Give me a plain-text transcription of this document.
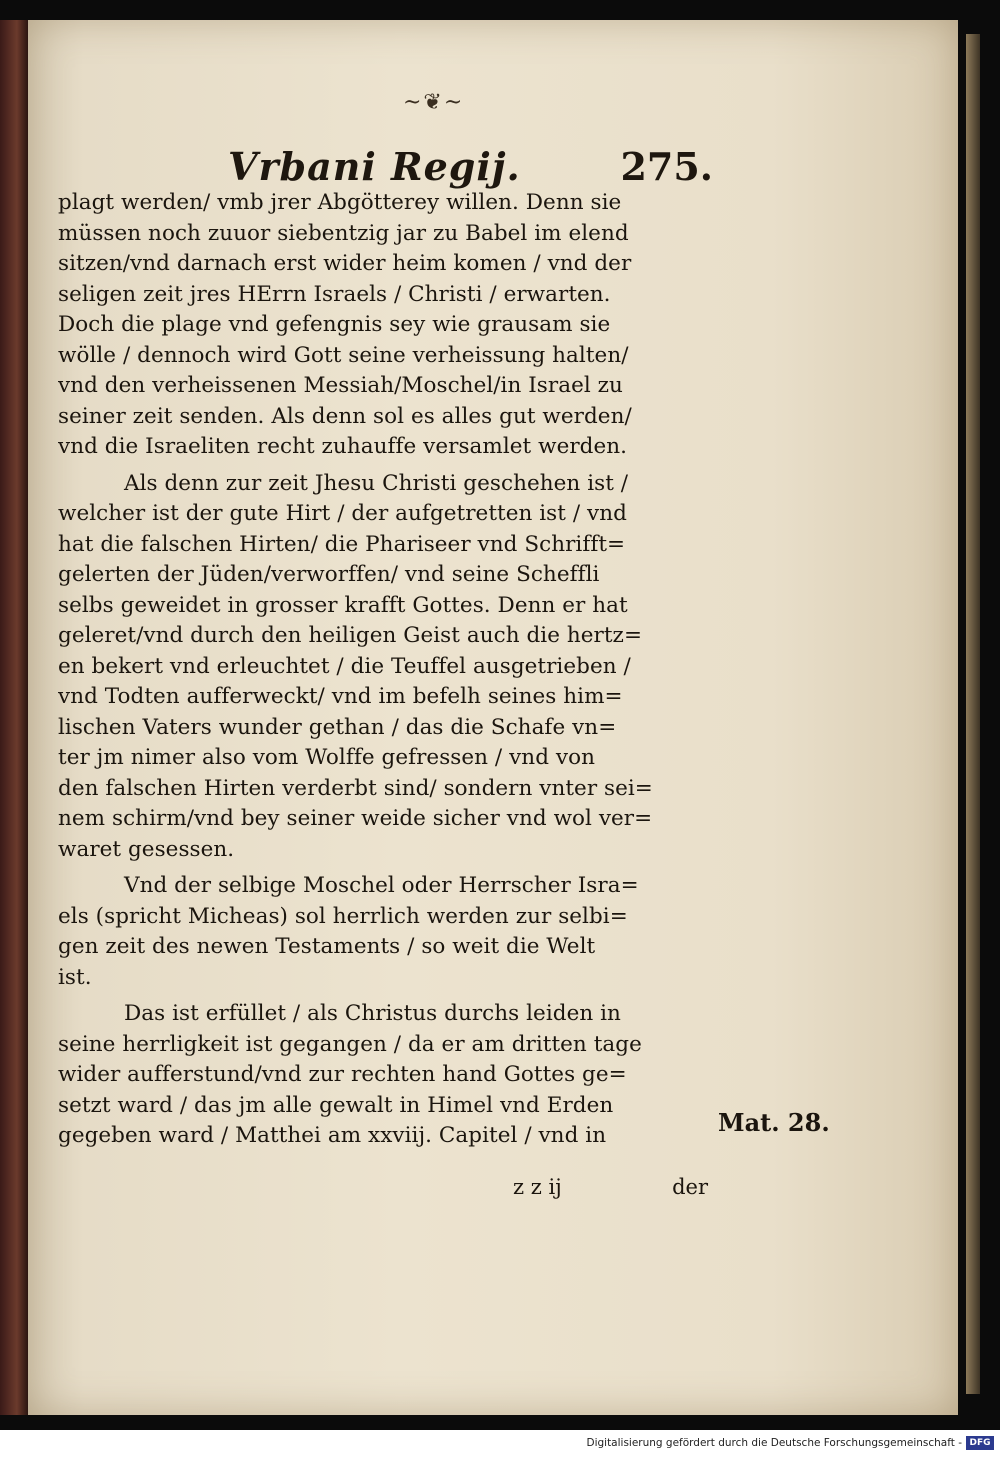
~❦~
Vrbani Regij.	275.
plagt werden/ vmb jrer Abgötterey willen. Denn sie
müssen noch zuuor siebentzig jar zu Babel im elend
sitzen/vnd darnach erst wider heim komen / vnd der
seligen zeit jres HErrn Israels / Christi / erwarten.
Doch die plage vnd gefengnis sey wie grausam sie
wölle / dennoch wird Gott seine verheissung halten/
vnd den verheissenen Messiah/Moschel/in Israel zu
seiner zeit senden. Als denn sol es alles gut werden/
vnd die Israeliten recht zuhauffe versamlet werden.
Als denn zur zeit Jhesu Christi geschehen ist /
welcher ist der gute Hirt / der aufgetretten ist / vnd
hat die falschen Hirten/ die Phariseer vnd Schrifft=
gelerten der Jüden/verworffen/ vnd seine Scheffli
selbs geweidet in grosser krafft Gottes. Denn er hat
geleret/vnd durch den heiligen Geist auch die hertz=
en bekert vnd erleuchtet / die Teuffel ausgetrieben /
vnd Todten aufferweckt/ vnd im befelh seines him=
lischen Vaters wunder gethan / das die Schafe vn=
ter jm nimer also vom Wolffe gefressen / vnd von
den falschen Hirten verderbt sind/ sondern vnter sei=
nem schirm/vnd bey seiner weide sicher vnd wol ver=
waret gesessen.
Vnd der selbige Moschel oder Herrscher Isra=
els (spricht Micheas) sol herrlich werden zur selbi=
gen zeit des newen Testaments / so weit die Welt
ist.
Das ist erfüllet / als Christus durchs leiden in
seine herrligkeit ist gegangen / da er am dritten tage
wider aufferstund/vnd zur rechten hand Gottes ge=
setzt ward / das jm alle gewalt in Himel vnd Erden
gegeben ward / Matthei am xxviij. Capitel / vnd in	Mat. 28.
z z ij	der
Digitalisierung gefördert durch die Deutsche Forschungsgemeinschaft - DFG
